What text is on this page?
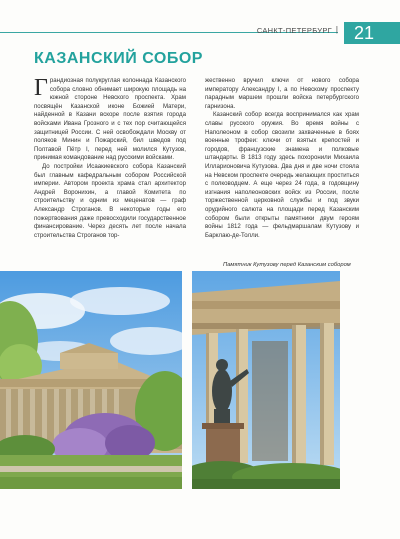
САНКТ-ПЕТЕРБУРГ | 21
КАЗАНСКИЙ СОБОР

Грандиозная полукруглая колоннада Казанского собора словно обнимает широкую площадь на южной стороне Невского проспекта. Храм посвящён Казанской иконе Божией Матери, найденной в Казани вскоре после взятия города войсками Ивана Грозного и с тех пор считающейся защитницей России. С ней освобождали Москву от поляков Минин и Пожарский, бил шведов под Полтавой Пётр I, перед ней молился Кутузов, принимая командование над русскими войсками.

До постройки Исаакиевского собора Казанский был главным кафедральным собором Российской империи. Автором проекта храма стал архитектор Андрей Воронихин, а главой Комитета по строительству и одним из меценатов — граф Александр Строганов. В некоторые годы его пожертвования даже превосходили государственное финансирование. Через десять лет после начала строительства Строганов тор-

жественно вручил ключи от нового собора императору Александру I, а по Невскому проспекту парадным маршем прошли войска петербургского гарнизона.

Казанский собор всегда воспринимался как храм славы русского оружия. Во время войны с Наполеоном в собор свозили захваченные в боях военные трофеи: ключи от взятых крепостей и городов, французские знамена и полковые штандарты. В 1813 году здесь похоронили Михаила Илларионовича Кутузова. Два дня и две ночи стояла на Невском проспекте очередь желающих проститься с полководцем. А еще через 24 года, в годовщину изгнания наполеоновских войск из России, после торжественной церковной службы и под звуки орудийного салюта на площади перед Казанским собором были открыты памятники двум героям войны 1812 года — фельдмаршалам Кутузову и Барклаю-де-Толли.

Памятник Кутузову перед Казанским собором
